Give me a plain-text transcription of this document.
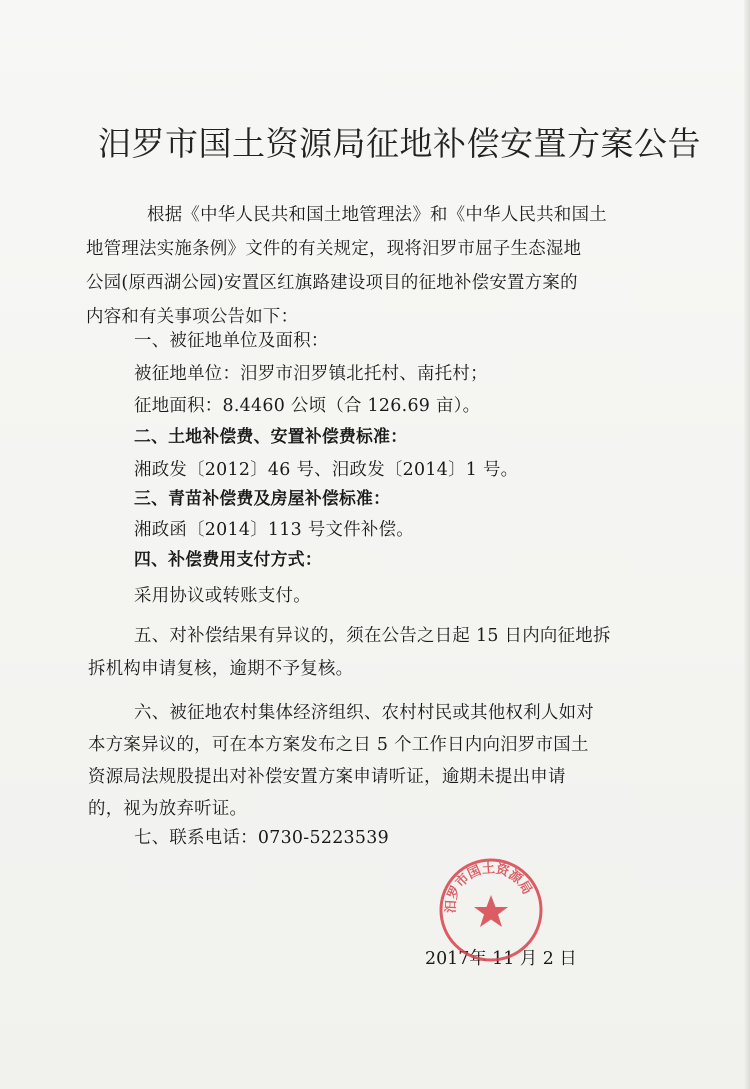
汨罗市国土资源局征地补偿安置方案公告
根据《中华人民共和国土地管理法》和《中华人民共和国土
地管理法实施条例》文件的有关规定，现将汨罗市屈子生态湿地
公园(原西湖公园)安置区红旗路建设项目的征地补偿安置方案的
内容和有关事项公告如下：
一、被征地单位及面积：
被征地单位：汨罗市汨罗镇北托村、南托村；
征地面积：8.4460 公顷（合 126.69 亩）。
二、土地补偿费、安置补偿费标准：
湘政发〔2012〕46 号、汨政发〔2014〕1 号。
三、青苗补偿费及房屋补偿标准：
湘政函〔2014〕113 号文件补偿。
四、补偿费用支付方式：
采用协议或转账支付。
五、对补偿结果有异议的，须在公告之日起 15 日内向征地拆
拆机构申请复核，逾期不予复核。
六、被征地农村集体经济组织、农村村民或其他权利人如对
本方案异议的，可在本方案发布之日 5 个工作日内向汨罗市国土
资源局法规股提出对补偿安置方案申请听证，逾期未提出申请
的，视为放弃听证。
七、联系电话：0730-5223539
2017年 11 月 2 日
汨罗市国土资源局
